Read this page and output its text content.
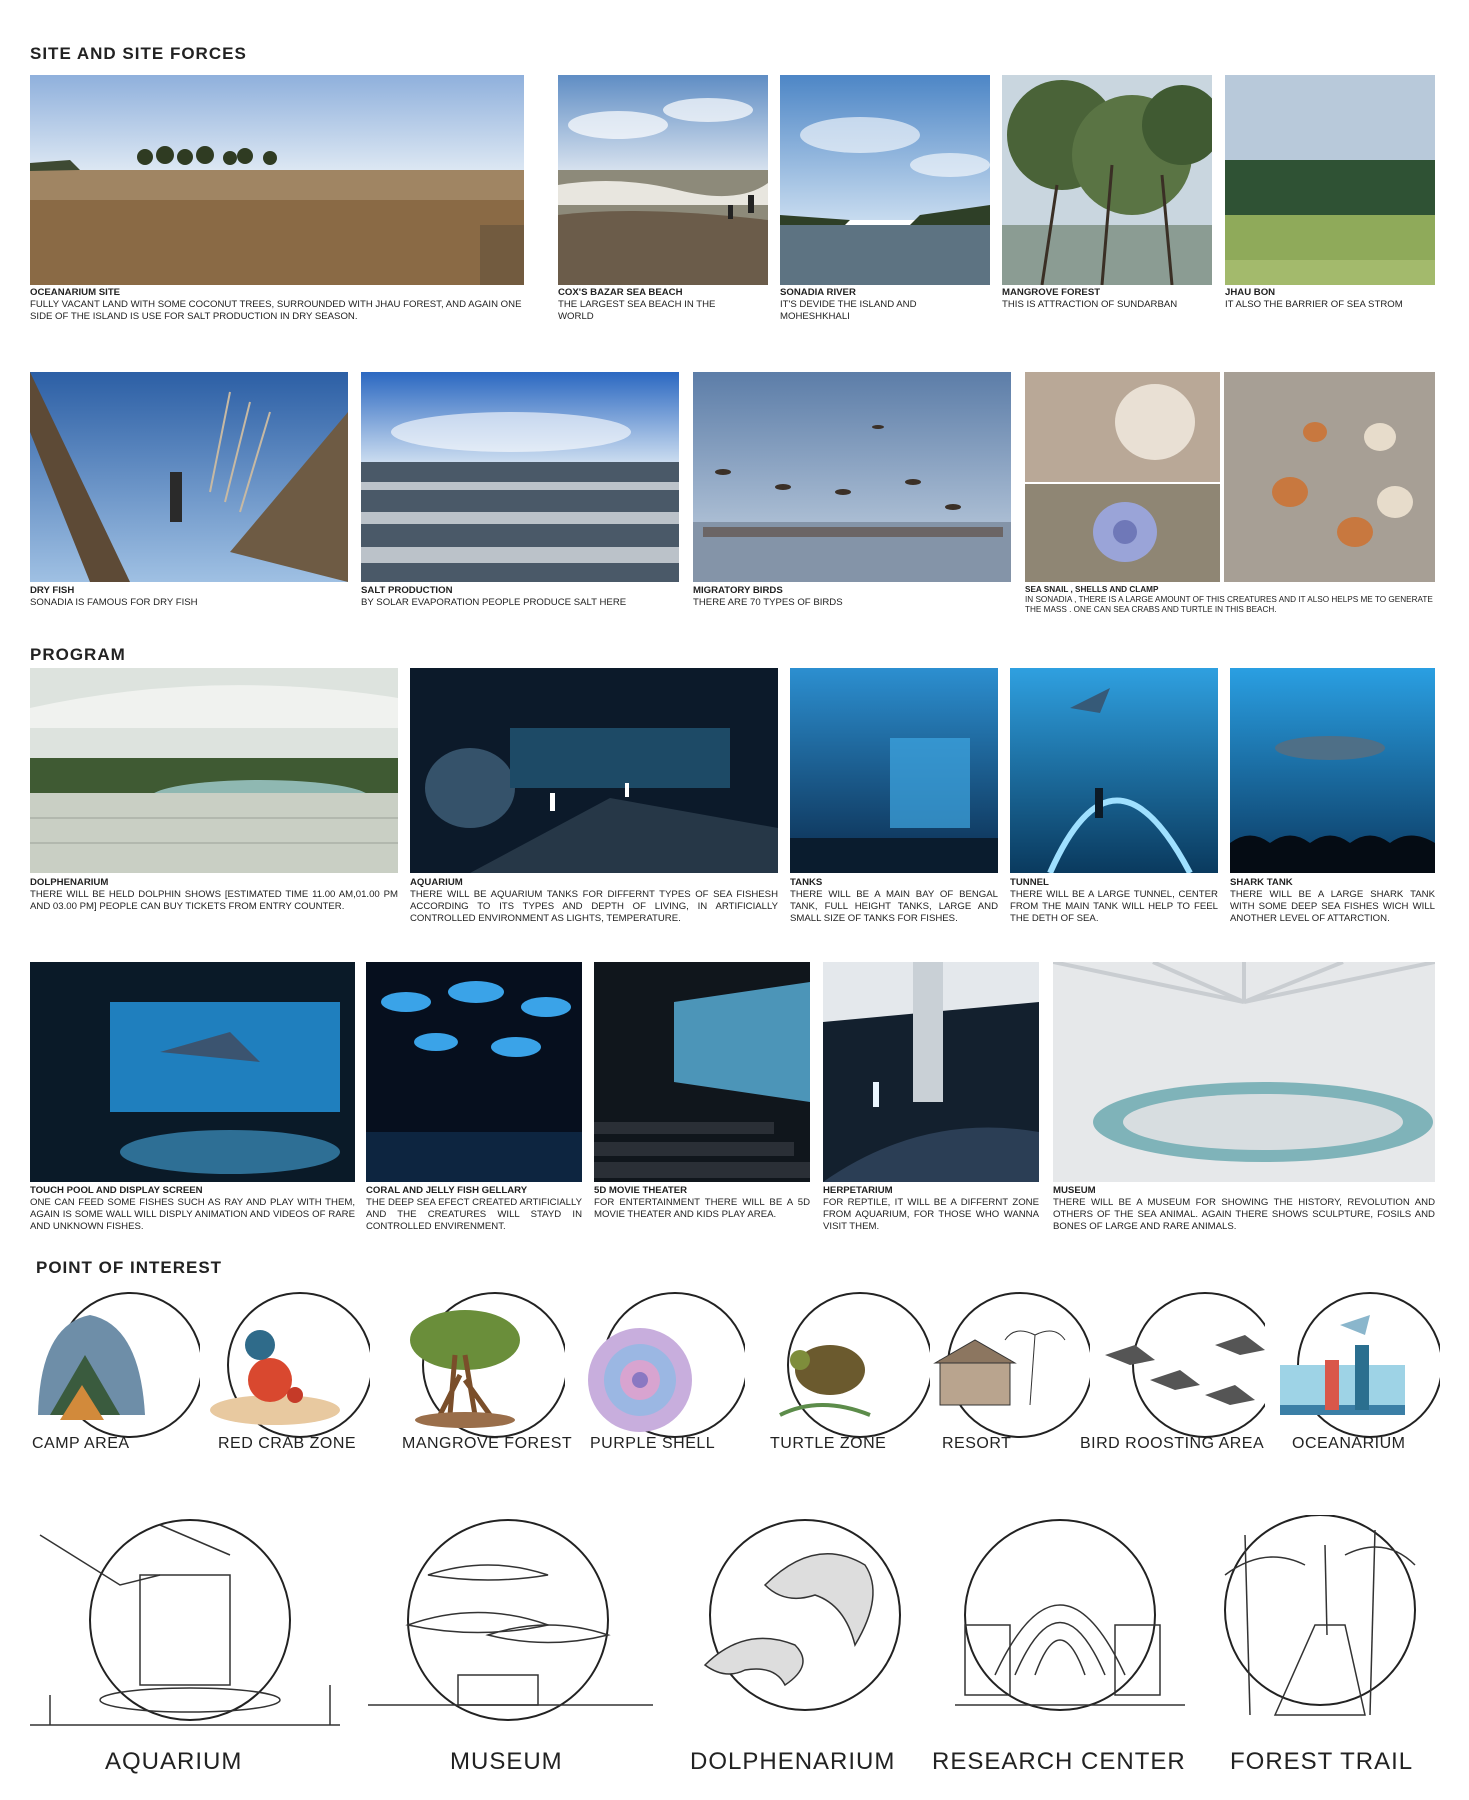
SITE AND SITE FORCES
PROGRAM
POINT OF INTEREST
OCEANARIUM SITE
FULLY VACANT LAND WITH SOME COCONUT TREES, SURROUNDED WITH JHAU FOREST, AND AGAIN ONE SIDE OF THE ISLAND IS USE FOR SALT PRODUCTION IN DRY SEASON.
COX'S BAZAR SEA BEACH
THE LARGEST SEA BEACH IN THE WORLD
SONADIA RIVER
IT'S DEVIDE THE ISLAND AND MOHESHKHALI
MANGROVE FOREST
THIS IS ATTRACTION OF SUNDARBAN
JHAU BON
IT ALSO THE BARRIER OF SEA STROM
DRY FISH
SONADIA IS FAMOUS FOR DRY FISH
SALT PRODUCTION
BY SOLAR EVAPORATION PEOPLE PRODUCE SALT HERE
MIGRATORY BIRDS
THERE ARE 70 TYPES OF BIRDS
SEA SNAIL , SHELLS AND CLAMP
IN SONADIA , THERE IS A LARGE AMOUNT OF THIS CREATURES AND IT ALSO HELPS ME TO GENERATE THE MASS . ONE CAN SEA CRABS AND TURTLE IN THIS BEACH.
DOLPHENARIUM
THERE WILL BE HELD DOLPHIN SHOWS [ESTIMATED TIME 11.00 AM,01.00 PM AND 03.00 PM] PEOPLE CAN BUY TICKETS FROM ENTRY COUNTER.
AQUARIUM
THERE WILL BE AQUARIUM TANKS FOR DIFFERNT TYPES OF SEA FISHESH ACCORDING TO ITS TYPES AND DEPTH OF LIVING, IN ARTIFICIALLY CONTROLLED ENVIRONMENT AS LIGHTS, TEMPERATURE.
TANKS
THERE WILL BE A MAIN BAY OF BENGAL TANK, FULL HEIGHT TANKS, LARGE AND SMALL SIZE OF TANKS FOR FISHES.
TUNNEL
THERE WILL BE A LARGE TUNNEL, CENTER FROM THE MAIN TANK WILL HELP TO FEEL THE DETH OF SEA.
SHARK TANK
THERE WILL BE A LARGE SHARK TANK WITH SOME DEEP SEA FISHES WICH WILL ANOTHER LEVEL OF ATTARCTION.
TOUCH POOL AND DISPLAY SCREEN
ONE CAN FEED SOME FISHES SUCH AS RAY AND PLAY WITH THEM, AGAIN IS SOME WALL WILL DISPLY ANIMATION AND VIDEOS OF RARE AND UNKNOWN FISHES.
CORAL AND JELLY FISH GELLARY
THE DEEP SEA EFECT CREATED ARTIFICIALLY AND THE CREATURES WILL STAYD IN CONTROLLED ENVIRENMENT.
5D MOVIE THEATER
FOR ENTERTAINMENT THERE WILL BE A 5D MOVIE THEATER AND KIDS PLAY AREA.
HERPETARIUM
FOR REPTILE, IT WILL BE A DIFFERNT ZONE FROM AQUARIUM, FOR THOSE WHO WANNA VISIT THEM.
MUSEUM
THERE WILL BE A MUSEUM FOR SHOWING THE HISTORY, REVOLUTION AND OTHERS OF THE SEA ANIMAL. AGAIN THERE SHOWS SCULPTURE, FOSILS AND BONES OF LARGE AND RARE ANIMALS.
CAMP AREA	RED CRAB ZONE	MANGROVE FOREST PURPLE SHELL	TURTLE ZONE	RESORT	BIRD ROOSTING AREA OCEANARIUM
AQUARIUM	MUSEUM	DOLPHENARIUM RESEARCH CENTER FOREST TRAIL
